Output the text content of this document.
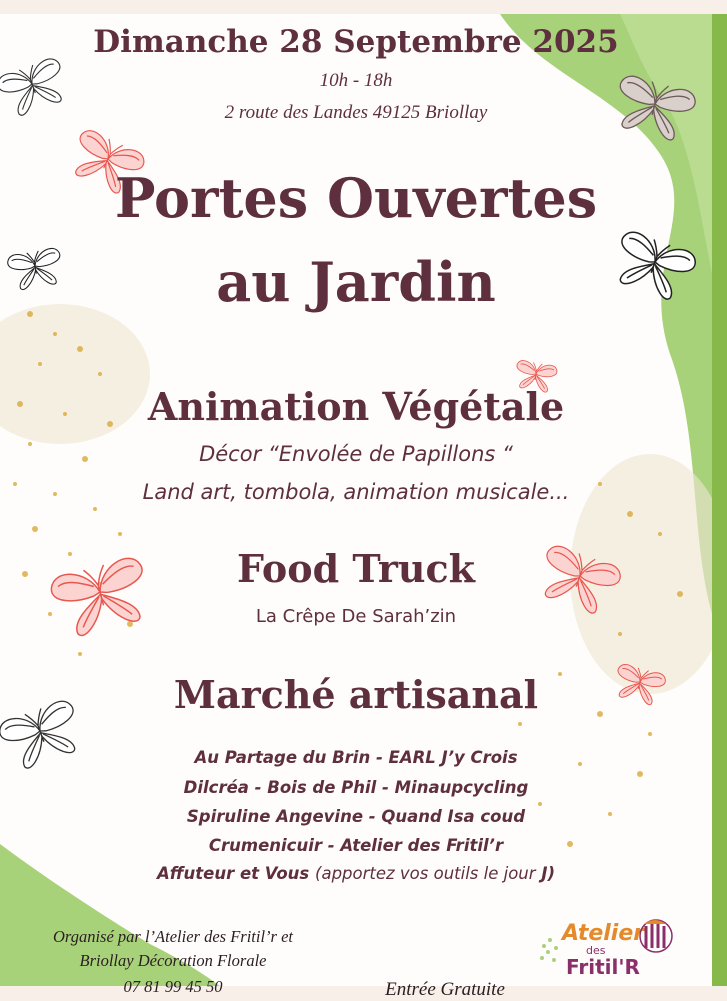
Dimanche 28 Septembre 2025

10h - 18h

2 route des Landes 49125 Briollay

Portes Ouvertes

au Jardin

Animation Végétale

Décor “Envolée de Papillons “

Land art, tombola, animation musicale...

Food Truck

La Crêpe De Sarah’zin

Marché artisanal

Au Partage du Brin - EARL J’y Crois

Dilcréa - Bois de Phil - Minaupcycling

Spiruline Angevine - Quand Isa coud

Crumenicuir - Atelier des Fritil’r

Affuteur et Vous (apportez vos outils le jour J)

Organisé par l’Atelier des Fritil’r et

Briollay Décoration Florale

07 81 99 45 50	Entrée Gratuite

Atelier
des
Fritil'R
